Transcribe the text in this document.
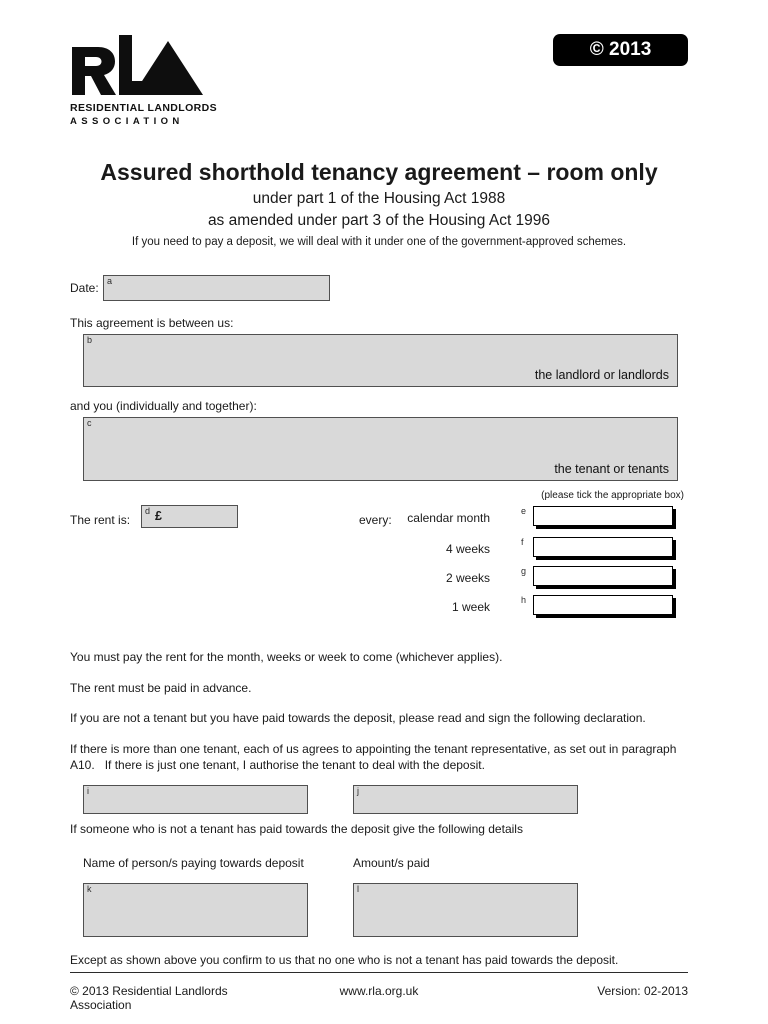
RESIDENTIAL LANDLORDS
ASSOCIATION
© 2013
Assured shorthold tenancy agreement – room only
under part 1 of the Housing Act 1988
as amended under part 3 of the Housing Act 1996
If you need to pay a deposit, we will deal with it under one of the government-approved schemes.
Date: a

This agreement is between us:

b
the landlord or landlords

and you (individually and together):

c
the tenant or tenants
(please tick the appropriate box)
The rent is:
d £	every: calendar month	e
4 weeks	f
2 weeks	g
1 week	h

You must pay the rent for the month, weeks or week to come (whichever applies).

The rent must be paid in advance.

If you are not a tenant but you have paid towards the deposit, please read and sign the following declaration.

If there is more than one tenant, each of us agrees to appointing the tenant representative, as set out in paragraph A10.   If there is just one tenant, I authorise the tenant to deal with the deposit.

i	j

If someone who is not a tenant has paid towards the deposit give the following details

Name of person/s paying towards deposit	Amount/s paid
k	l

Except as shown above you confirm to us that no one who is not a tenant has paid towards the deposit.

© 2013 Residential Landlords Association
www.rla.org.uk	Version: 02-2013
